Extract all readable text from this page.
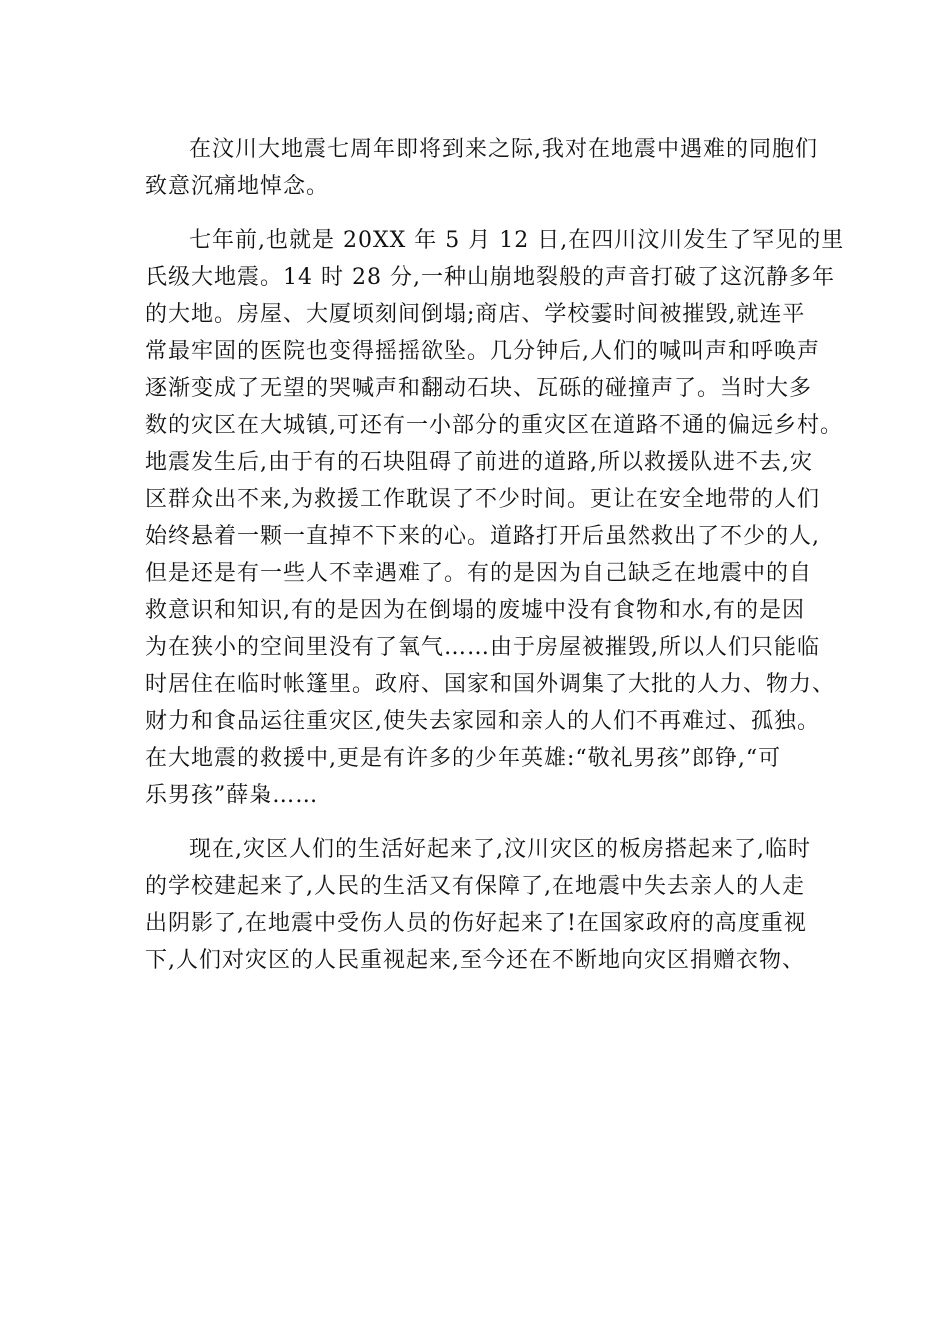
在汶川大地震七周年即将到来之际,我对在地震中遇难的同胞们
致意沉痛地悼念。

七年前,也就是 20XX 年 5 月 12 日,在四川汶川发生了罕见的里
氏级大地震。14 时 28 分,一种山崩地裂般的声音打破了这沉静多年
的大地。房屋、大厦顷刻间倒塌;商店、学校霎时间被摧毁,就连平
常最牢固的医院也变得摇摇欲坠。几分钟后,人们的喊叫声和呼唤声
逐渐变成了无望的哭喊声和翻动石块、瓦砾的碰撞声了。当时大多
数的灾区在大城镇,可还有一小部分的重灾区在道路不通的偏远乡村。
地震发生后,由于有的石块阻碍了前进的道路,所以救援队进不去,灾
区群众出不来,为救援工作耽误了不少时间。更让在安全地带的人们
始终悬着一颗一直掉不下来的心。道路打开后虽然救出了不少的人,
但是还是有一些人不幸遇难了。有的是因为自己缺乏在地震中的自
救意识和知识,有的是因为在倒塌的废墟中没有食物和水,有的是因
为在狭小的空间里没有了氧气……由于房屋被摧毁,所以人们只能临
时居住在临时帐篷里。政府、国家和国外调集了大批的人力、物力、
财力和食品运往重灾区,使失去家园和亲人的人们不再难过、孤独。
在大地震的救援中,更是有许多的少年英雄:“敬礼男孩”郎铮,“可
乐男孩”薛枭……

现在,灾区人们的生活好起来了,汶川灾区的板房搭起来了,临时
的学校建起来了,人民的生活又有保障了,在地震中失去亲人的人走
出阴影了,在地震中受伤人员的伤好起来了!在国家政府的高度重视
下,人们对灾区的人民重视起来,至今还在不断地向灾区捐赠衣物、
